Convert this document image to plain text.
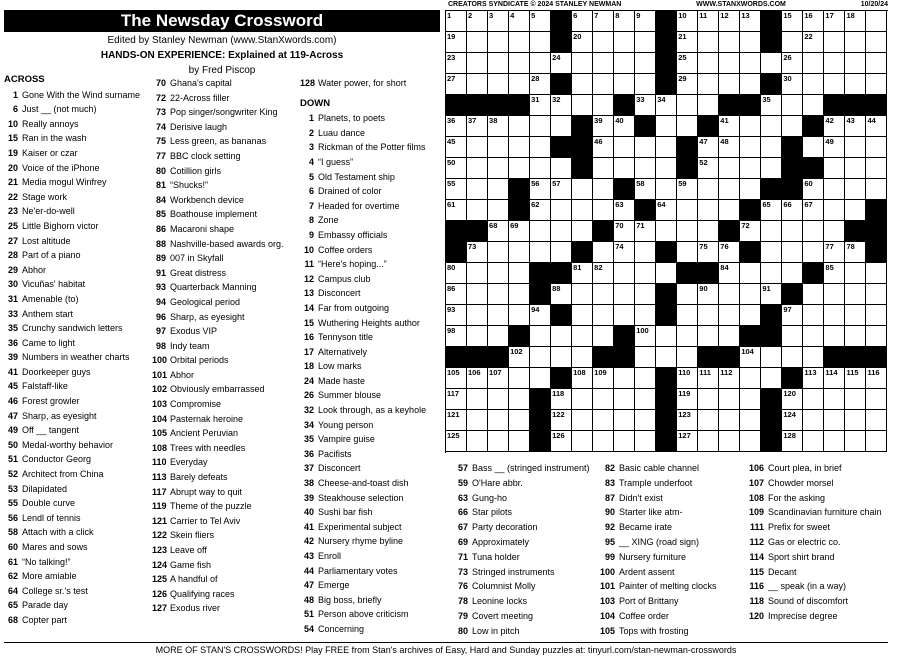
The Newsday Crossword
Edited by Stanley Newman (www.StanXwords.com)
HANDS-ON EXPERIENCE: Explained at 119-Across
by Fred Piscop
CREATORS SYNDICATE © 2024 STANLEY NEWMAN	WWW.STANXWORDS.COM	10/20/24
ACROSS
1 Gone With the Wind surname
6 Just __ (not much)
10 Really annoys
15 Ran in the wash
19 Kaiser or czar
20 Voice of the iPhone
21 Media mogul Winfrey
22 Stage work
23 Ne'er-do-well
25 Little Bighorn victor
27 Lost altitude
28 Part of a piano
29 Abhor
30 Vicuñas' habitat
31 Amenable (to)
33 Anthem start
35 Crunchy sandwich letters
36 Came to light
39 Numbers in weather charts
41 Doorkeeper guys
45 Falstaff-like
46 Forest growler
47 Sharp, as eyesight
49 Off __ tangent
50 Medal-worthy behavior
51 Conductor Georg
52 Architect from China
53 Dilapidated
55 Double curve
56 Lendl of tennis
58 Attach with a click
60 Mares and sows
61 “No talking!”
62 More amiable
64 College sr.'s test
65 Parade day
68 Copter part
70 Ghana's capital
72 22-Across filler
73 Pop singer/songwriter King
74 Derisive laugh
75 Less green, as bananas
77 BBC clock setting
80 Cotillion girls
81 “Shucks!”
84 Workbench device
85 Boathouse implement
86 Macaroni shape
88 Nashville-based awards org.
89 007 in Skyfall
91 Great distress
93 Quarterback Manning
94 Geological period
96 Sharp, as eyesight
97 Exodus VIP
98 Indy team
100 Orbital periods
101 Abhor
102 Obviously embarrassed
103 Compromise
104 Pasternak heroine
105 Ancient Peruvian
108 Trees with needles
110 Everyday
113 Barely defeats
117 Abrupt way to quit
119 Theme of the puzzle
121 Carrier to Tel Aviv
122 Skein fliers
123 Leave off
124 Game fish
125 A handful of
126 Qualifying races
127 Exodus river
128 Water power, for short
DOWN
1 Planets, to poets
2 Luau dance
3 Rickman of the Potter films
4 “I guess”
5 Old Testament ship
6 Drained of color
7 Headed for overtime
8 Zone
9 Embassy officials
10 Coffee orders
11 “Here's hoping...”
12 Campus club
13 Disconcert
14 Far from outgoing
15 Wuthering Heights author
16 Tennyson title
17 Alternatively
18 Low marks
24 Made haste
26 Summer blouse
32 Look through, as a keyhole
34 Young person
35 Vampire guise
36 Pacifists
37 Disconcert
38 Cheese-and-toast dish
39 Steakhouse selection
40 Sushi bar fish
41 Experimental subject
42 Nursery rhyme byline
43 Enroll
44 Parliamentary votes
47 Emerge
48 Big boss, briefly
51 Person above criticism
54 Concerning
1	2	3	4	5	6	7	8	9	10	11	12	13	15	16	17	18
19	20	21	22
23	24	25	26
27	28	29	30
31	32	33	34	35
36	37	38	39	40	41	42	43	44
45	46	47	48	49
50	52
55	56	57	58	59	60
61	62	63	64	65	66	67
68	69	70	71	72
73	74	75	76	77	78
80	81	82	84	85
86	88	90	91
93	94	97
98	100
102	104
105	106	107	108	109	110	111	112	113	114	115	116
117	118	119	120
121	122	123	124
125	126	127	128
57 Bass __ (stringed instrument)
59 O'Hare abbr.
63 Gung-ho
66 Star pilots
67 Party decoration
69 Approximately
71 Tuna holder
73 Stringed instruments
76 Columnist Molly
78 Leonine locks
79 Covert meeting
80 Low in pitch
82 Basic cable channel
83 Trample underfoot
87 Didn't exist
90 Starter like atm-
92 Became irate
95 __ XING (road sign)
99 Nursery furniture
100 Ardent assent
101 Painter of melting clocks
103 Port of Brittany
104 Coffee order
105 Tops with frosting
106 Court plea, in brief
107 Chowder morsel
108 For the asking
109 Scandinavian furniture chain
111 Prefix for sweet
112 Gas or electric co.
114 Sport shirt brand
115 Decant
116 __ speak (in a way)
118 Sound of discomfort
120 Imprecise degree
MORE OF STAN'S CROSSWORDS! Play FREE from Stan's archives of Easy, Hard and Sunday puzzles at: tinyurl.com/stan-newman-crosswords
